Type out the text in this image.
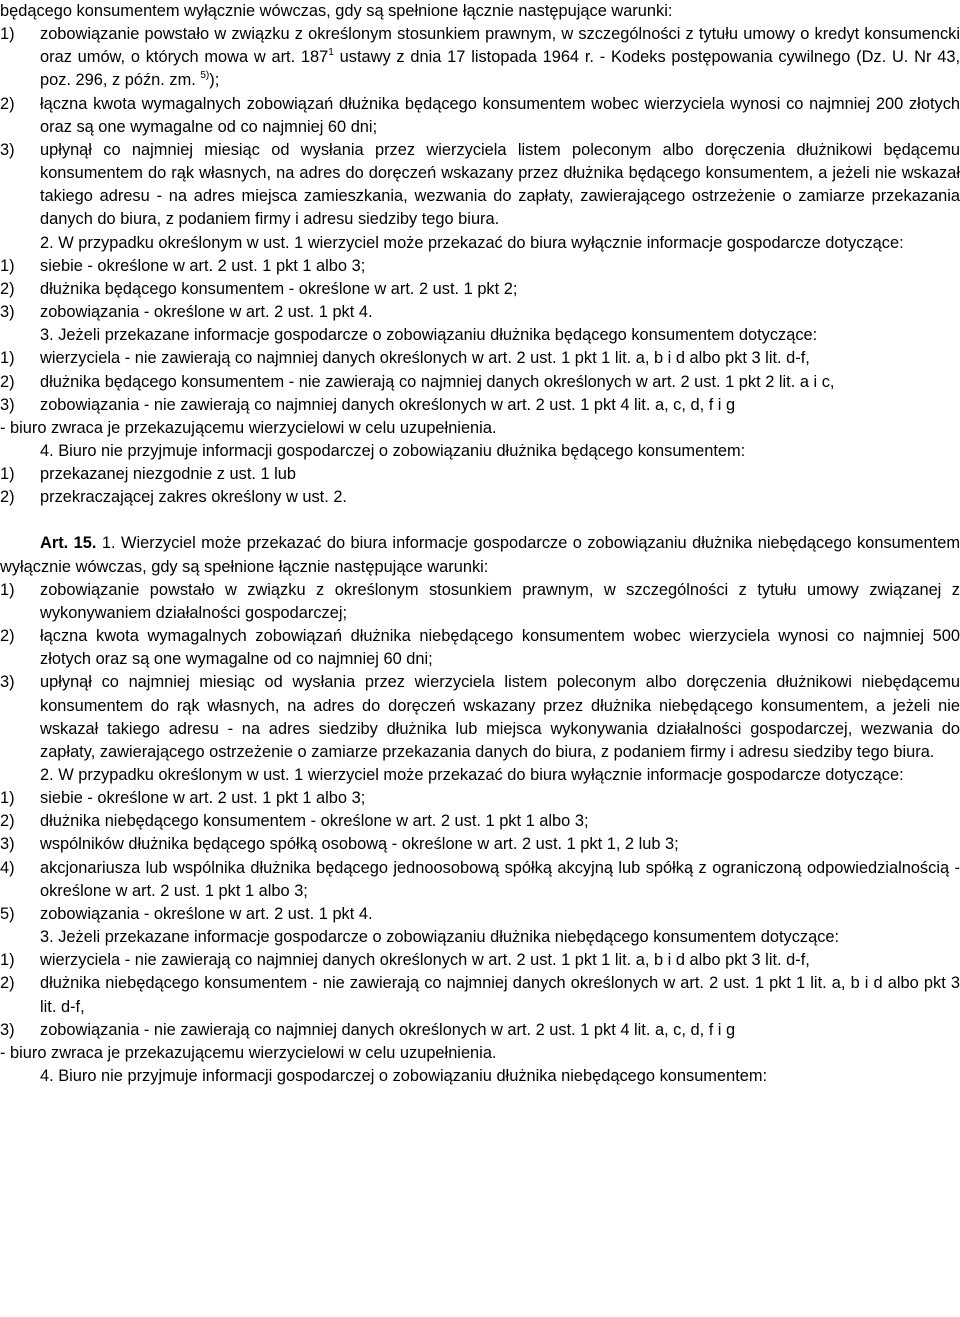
będącego konsumentem wyłącznie wówczas, gdy są spełnione łącznie następujące warunki:

1) zobowiązanie powstało w związku z określonym stosunkiem prawnym, w szczególności z tytułu umowy o kredyt konsumencki oraz umów, o których mowa w art. $187^1$ ustawy z dnia 17 listopada 1964 r. - Kodeks postępowania cywilnego (Dz. U. Nr 43, poz. 296, z późn. zm. $^{5)}$);

2) łączna kwota wymagalnych zobowiązań dłużnika będącego konsumentem wobec wierzyciela wynosi co najmniej 200 złotych oraz są one wymagalne od co najmniej 60 dni;

3) upłynął co najmniej miesiąc od wysłania przez wierzyciela listem poleconym albo doręczenia dłużnikowi będącemu konsumentem do rąk własnych, na adres do doręczeń wskazany przez dłużnika będącego konsumentem, a jeżeli nie wskazał takiego adresu - na adres miejsca zamieszkania, wezwania do zapłaty, zawierającego ostrzeżenie o zamiarze przekazania danych do biura, z podaniem firmy i adresu siedziby tego biura.

2. W przypadku określonym w ust. 1 wierzyciel może przekazać do biura wyłącznie informacje gospodarcze dotyczące:

1) siebie - określone w art. 2 ust. 1 pkt 1 albo 3;

2) dłużnika będącego konsumentem - określone w art. 2 ust. 1 pkt 2;

3) zobowiązania - określone w art. 2 ust. 1 pkt 4.

3. Jeżeli przekazane informacje gospodarcze o zobowiązaniu dłużnika będącego konsumentem dotyczące:

1) wierzyciela - nie zawierają co najmniej danych określonych w art. 2 ust. 1 pkt 1 lit. a, b i d albo pkt 3 lit. d-f,

2) dłużnika będącego konsumentem - nie zawierają co najmniej danych określonych w art. 2 ust. 1 pkt 2 lit. a i c,

3) zobowiązania - nie zawierają co najmniej danych określonych w art. 2 ust. 1 pkt 4 lit. a, c, d, f i g

- biuro zwraca je przekazującemu wierzycielowi w celu uzupełnienia.

4. Biuro nie przyjmuje informacji gospodarczej o zobowiązaniu dłużnika będącego konsumentem:

1) przekazanej niezgodnie z ust. 1 lub

2) przekraczającej zakres określony w ust. 2.

Art. 15. 1. Wierzyciel może przekazać do biura informacje gospodarcze o zobowiązaniu dłużnika niebędącego konsumentem wyłącznie wówczas, gdy są spełnione łącznie następujące warunki:

1) zobowiązanie powstało w związku z określonym stosunkiem prawnym, w szczególności z tytułu umowy związanej z wykonywaniem działalności gospodarczej;

2) łączna kwota wymagalnych zobowiązań dłużnika niebędącego konsumentem wobec wierzyciela wynosi co najmniej 500 złotych oraz są one wymagalne od co najmniej 60 dni;

3) upłynął co najmniej miesiąc od wysłania przez wierzyciela listem poleconym albo doręczenia dłużnikowi niebędącemu konsumentem do rąk własnych, na adres do doręczeń wskazany przez dłużnika niebędącego konsumentem, a jeżeli nie wskazał takiego adresu - na adres siedziby dłużnika lub miejsca wykonywania działalności gospodarczej, wezwania do zapłaty, zawierającego ostrzeżenie o zamiarze przekazania danych do biura, z podaniem firmy i adresu siedziby tego biura.

2. W przypadku określonym w ust. 1 wierzyciel może przekazać do biura wyłącznie informacje gospodarcze dotyczące:

1) siebie - określone w art. 2 ust. 1 pkt 1 albo 3;

2) dłużnika niebędącego konsumentem - określone w art. 2 ust. 1 pkt 1 albo 3;

3) wspólników dłużnika będącego spółką osobową - określone w art. 2 ust. 1 pkt 1, 2 lub 3;

4) akcjonariusza lub wspólnika dłużnika będącego jednoosobową spółką akcyjną lub spółką z ograniczoną odpowiedzialnością - określone w art. 2 ust. 1 pkt 1 albo 3;

5) zobowiązania - określone w art. 2 ust. 1 pkt 4.

3. Jeżeli przekazane informacje gospodarcze o zobowiązaniu dłużnika niebędącego konsumentem dotyczące:

1) wierzyciela - nie zawierają co najmniej danych określonych w art. 2 ust. 1 pkt 1 lit. a, b i d albo pkt 3 lit. d-f,

2) dłużnika niebędącego konsumentem - nie zawierają co najmniej danych określonych w art. 2 ust. 1 pkt 1 lit. a, b i d albo pkt 3 lit. d-f,

3) zobowiązania - nie zawierają co najmniej danych określonych w art. 2 ust. 1 pkt 4 lit. a, c, d, f i g

- biuro zwraca je przekazującemu wierzycielowi w celu uzupełnienia.

4. Biuro nie przyjmuje informacji gospodarczej o zobowiązaniu dłużnika niebędącego konsumentem:
